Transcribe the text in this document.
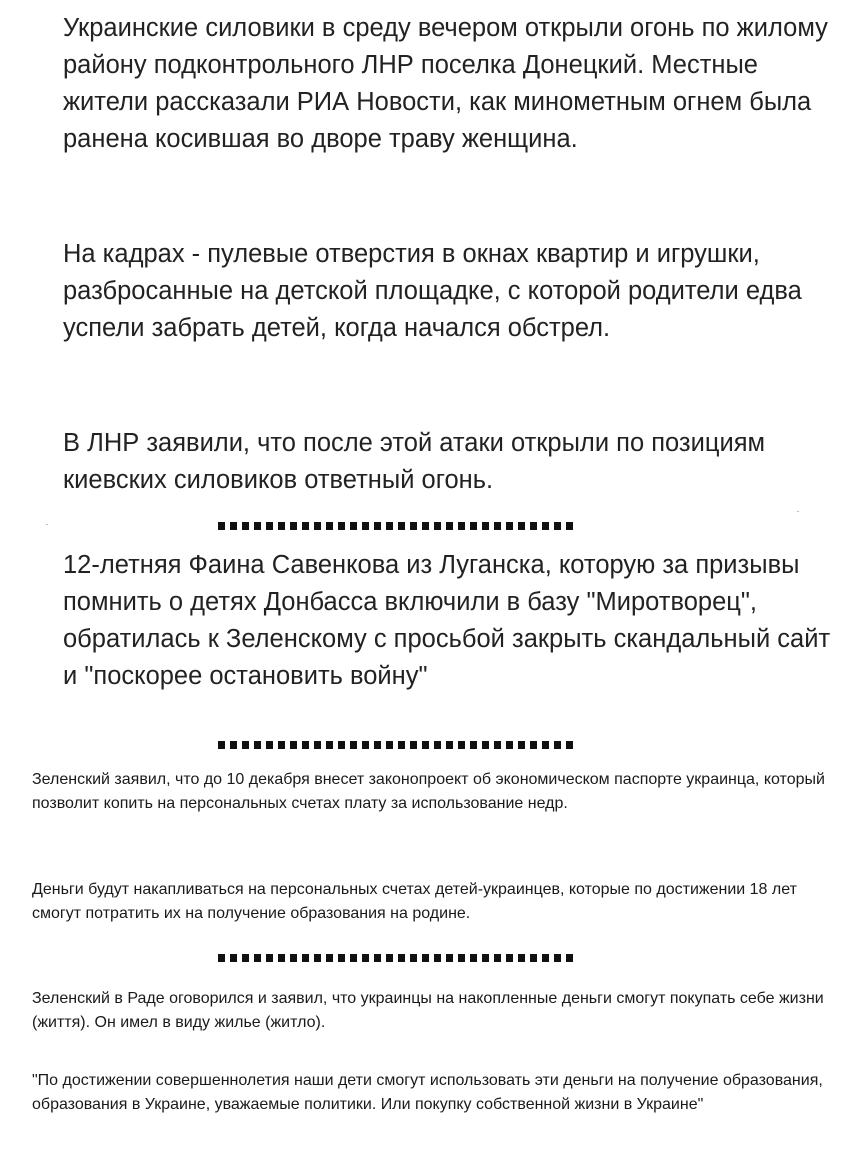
Украинские силовики в среду вечером открыли огонь по жилому району подконтрольного ЛНР поселка Донецкий. Местные жители рассказали РИА Новости, как минометным огнем была ранена косившая во дворе траву женщина.

На кадрах - пулевые отверстия в окнах квартир и игрушки, разбросанные на детской площадке, с которой родители едва успели забрать детей, когда начался обстрел.

В ЛНР заявили, что после этой атаки открыли по позициям киевских силовиков ответный огонь.

12-летняя Фаина Савенкова из Луганска, которую за призывы помнить о детях Донбасса включили в базу "Миротворец", обратилась к Зеленскому с просьбой закрыть скандальный сайт и "поскорее остановить войну"

Зеленский заявил, что до 10 декабря внесет законопроект об экономическом паспорте украинца, который позволит копить на персональных счетах плату за использование недр.

Деньги будут накапливаться на персональных счетах детей-украинцев, которые по достижении 18 лет смогут потратить их на получение образования на родине.

Зеленский в Раде оговорился и заявил, что украинцы на накопленные деньги смогут покупать себе жизни (життя). Он имел в виду жилье (житло).

"По достижении совершеннолетия наши дети смогут использовать эти деньги на получение образования, образования в Украине, уважаемые политики. Или покупку собственной жизни в Украине"
